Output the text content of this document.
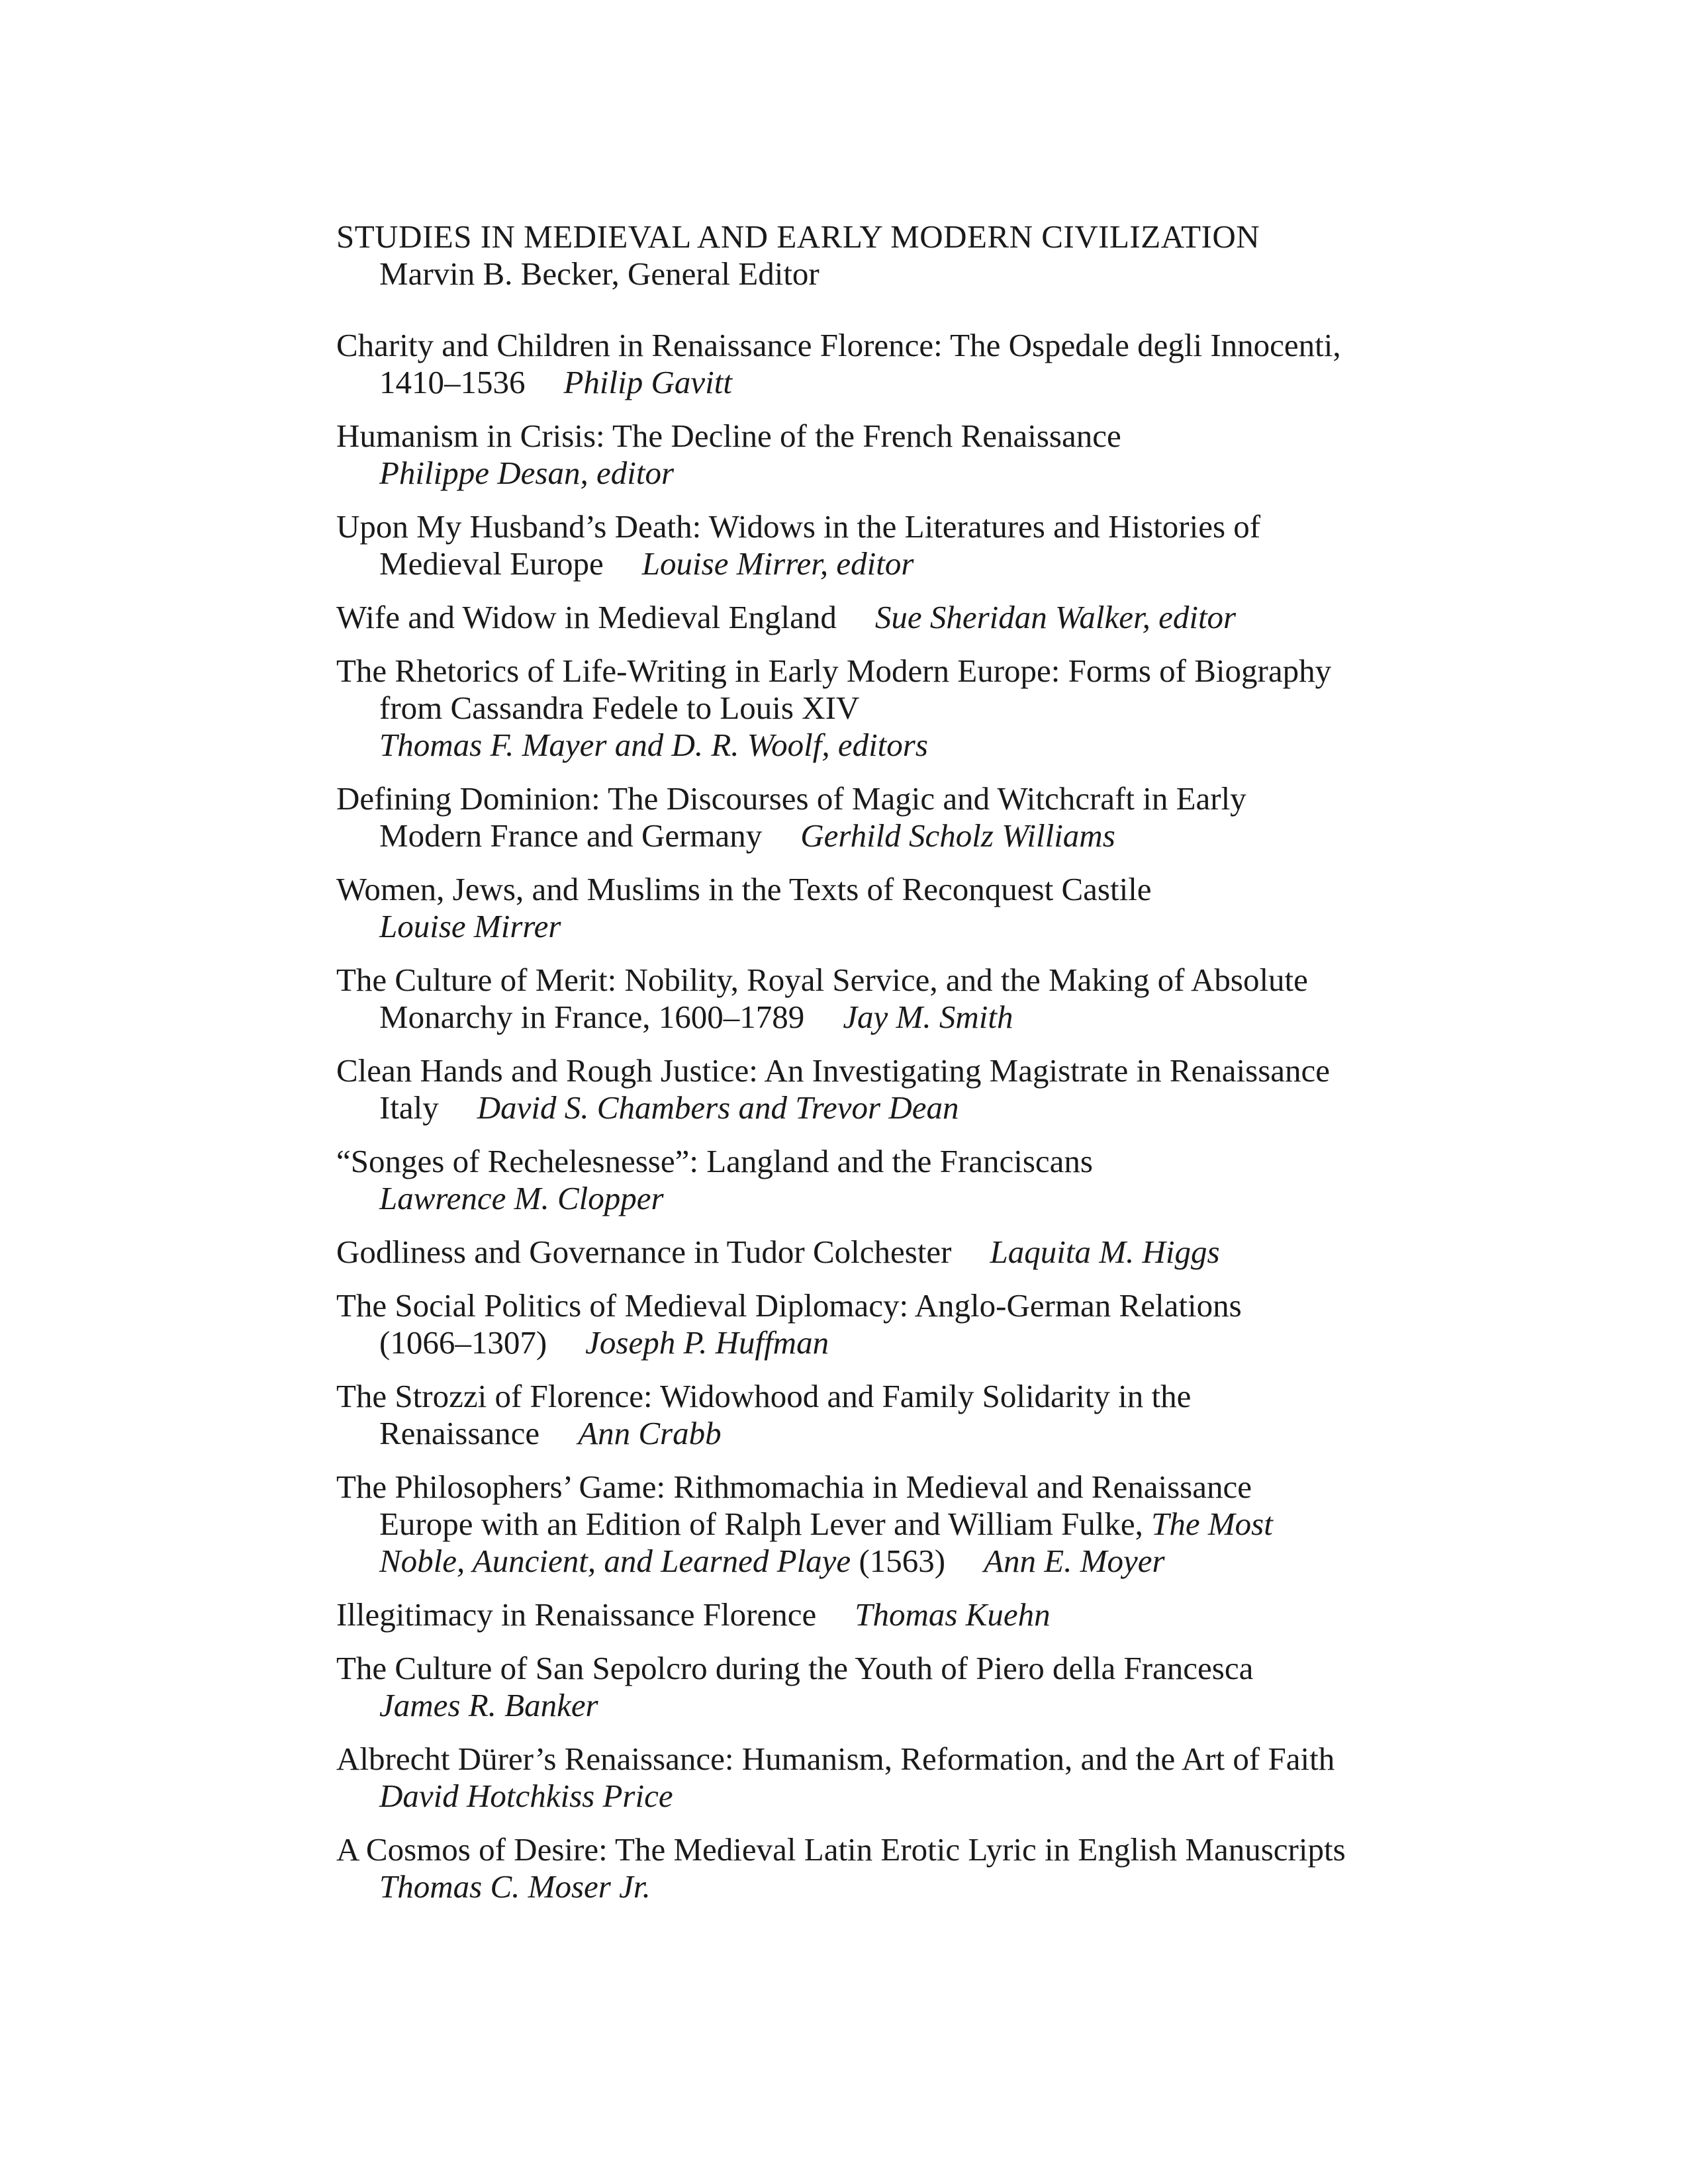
STUDIES IN MEDIEVAL AND EARLY MODERN CIVILIZATION
Marvin B. Becker, General Editor
Charity and Children in Renaissance Florence: The Ospedale degli Innocenti,
1410–1536 Philip Gavitt
Humanism in Crisis: The Decline of the French Renaissance
Philippe Desan, editor
Upon My Husband’s Death: Widows in the Literatures and Histories of
Medieval Europe Louise Mirrer, editor
Wife and Widow in Medieval England Sue Sheridan Walker, editor
The Rhetorics of Life-Writing in Early Modern Europe: Forms of Biography
from Cassandra Fedele to Louis XIV
Thomas F. Mayer and D. R. Woolf, editors
Defining Dominion: The Discourses of Magic and Witchcraft in Early
Modern France and Germany Gerhild Scholz Williams
Women, Jews, and Muslims in the Texts of Reconquest Castile
Louise Mirrer
The Culture of Merit: Nobility, Royal Service, and the Making of Absolute
Monarchy in France, 1600–1789 Jay M. Smith
Clean Hands and Rough Justice: An Investigating Magistrate in Renaissance
Italy David S. Chambers and Trevor Dean
“Songes of Rechelesnesse”: Langland and the Franciscans
Lawrence M. Clopper
Godliness and Governance in Tudor Colchester Laquita M. Higgs
The Social Politics of Medieval Diplomacy: Anglo-German Relations
(1066–1307) Joseph P. Huffman
The Strozzi of Florence: Widowhood and Family Solidarity in the
Renaissance Ann Crabb
The Philosophers’ Game: Rithmomachia in Medieval and Renaissance
Europe with an Edition of Ralph Lever and William Fulke, The Most
Noble, Auncient, and Learned Playe (1563) Ann E. Moyer
Illegitimacy in Renaissance Florence Thomas Kuehn
The Culture of San Sepolcro during the Youth of Piero della Francesca
James R. Banker
Albrecht Dürer’s Renaissance: Humanism, Reformation, and the Art of Faith
David Hotchkiss Price
A Cosmos of Desire: The Medieval Latin Erotic Lyric in English Manuscripts
Thomas C. Moser Jr.
